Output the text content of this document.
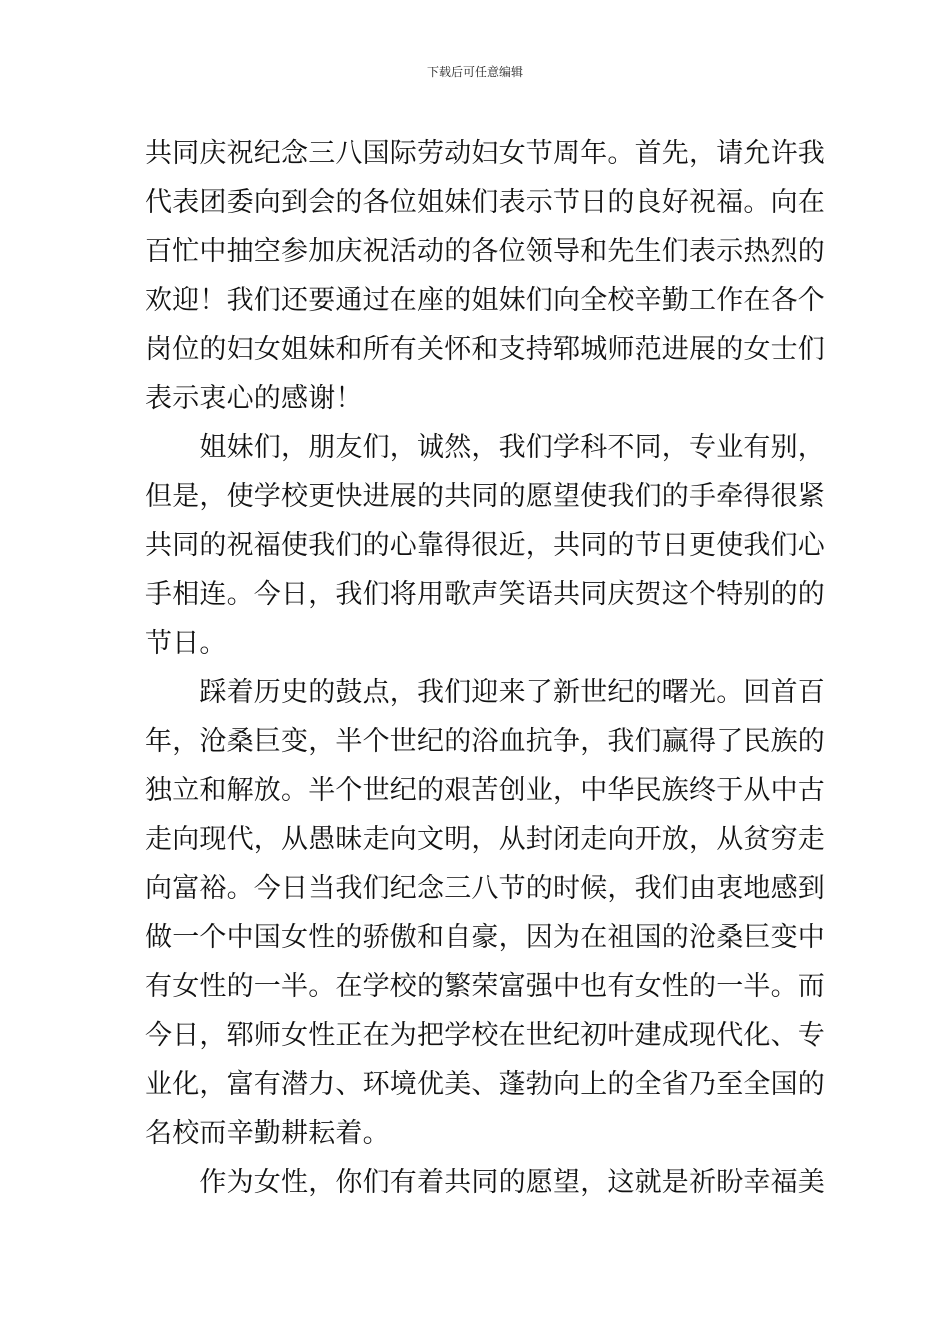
下载后可任意编辑
共同庆祝纪念三八国际劳动妇女节周年。首先，请允许我
代表团委向到会的各位姐妹们表示节日的良好祝福。向在
百忙中抽空参加庆祝活动的各位领导和先生们表示热烈的
欢迎！我们还要通过在座的姐妹们向全校辛勤工作在各个
岗位的妇女姐妹和所有关怀和支持郓城师范进展的女士们
表示衷心的感谢！
　　姐妹们，朋友们，诚然，我们学科不同，专业有别，
但是，使学校更快进展的共同的愿望使我们的手牵得很紧
共同的祝福使我们的心靠得很近，共同的节日更使我们心
手相连。今日，我们将用歌声笑语共同庆贺这个特别的的
节日。
　　踩着历史的鼓点，我们迎来了新世纪的曙光。回首百
年，沧桑巨变，半个世纪的浴血抗争，我们赢得了民族的
独立和解放。半个世纪的艰苦创业，中华民族终于从中古
走向现代，从愚昧走向文明，从封闭走向开放，从贫穷走
向富裕。今日当我们纪念三八节的时候，我们由衷地感到
做一个中国女性的骄傲和自豪，因为在祖国的沧桑巨变中
有女性的一半。在学校的繁荣富强中也有女性的一半。而
今日，郓师女性正在为把学校在世纪初叶建成现代化、专
业化，富有潜力、环境优美、蓬勃向上的全省乃至全国的
名校而辛勤耕耘着。
　　作为女性，你们有着共同的愿望，这就是祈盼幸福美
